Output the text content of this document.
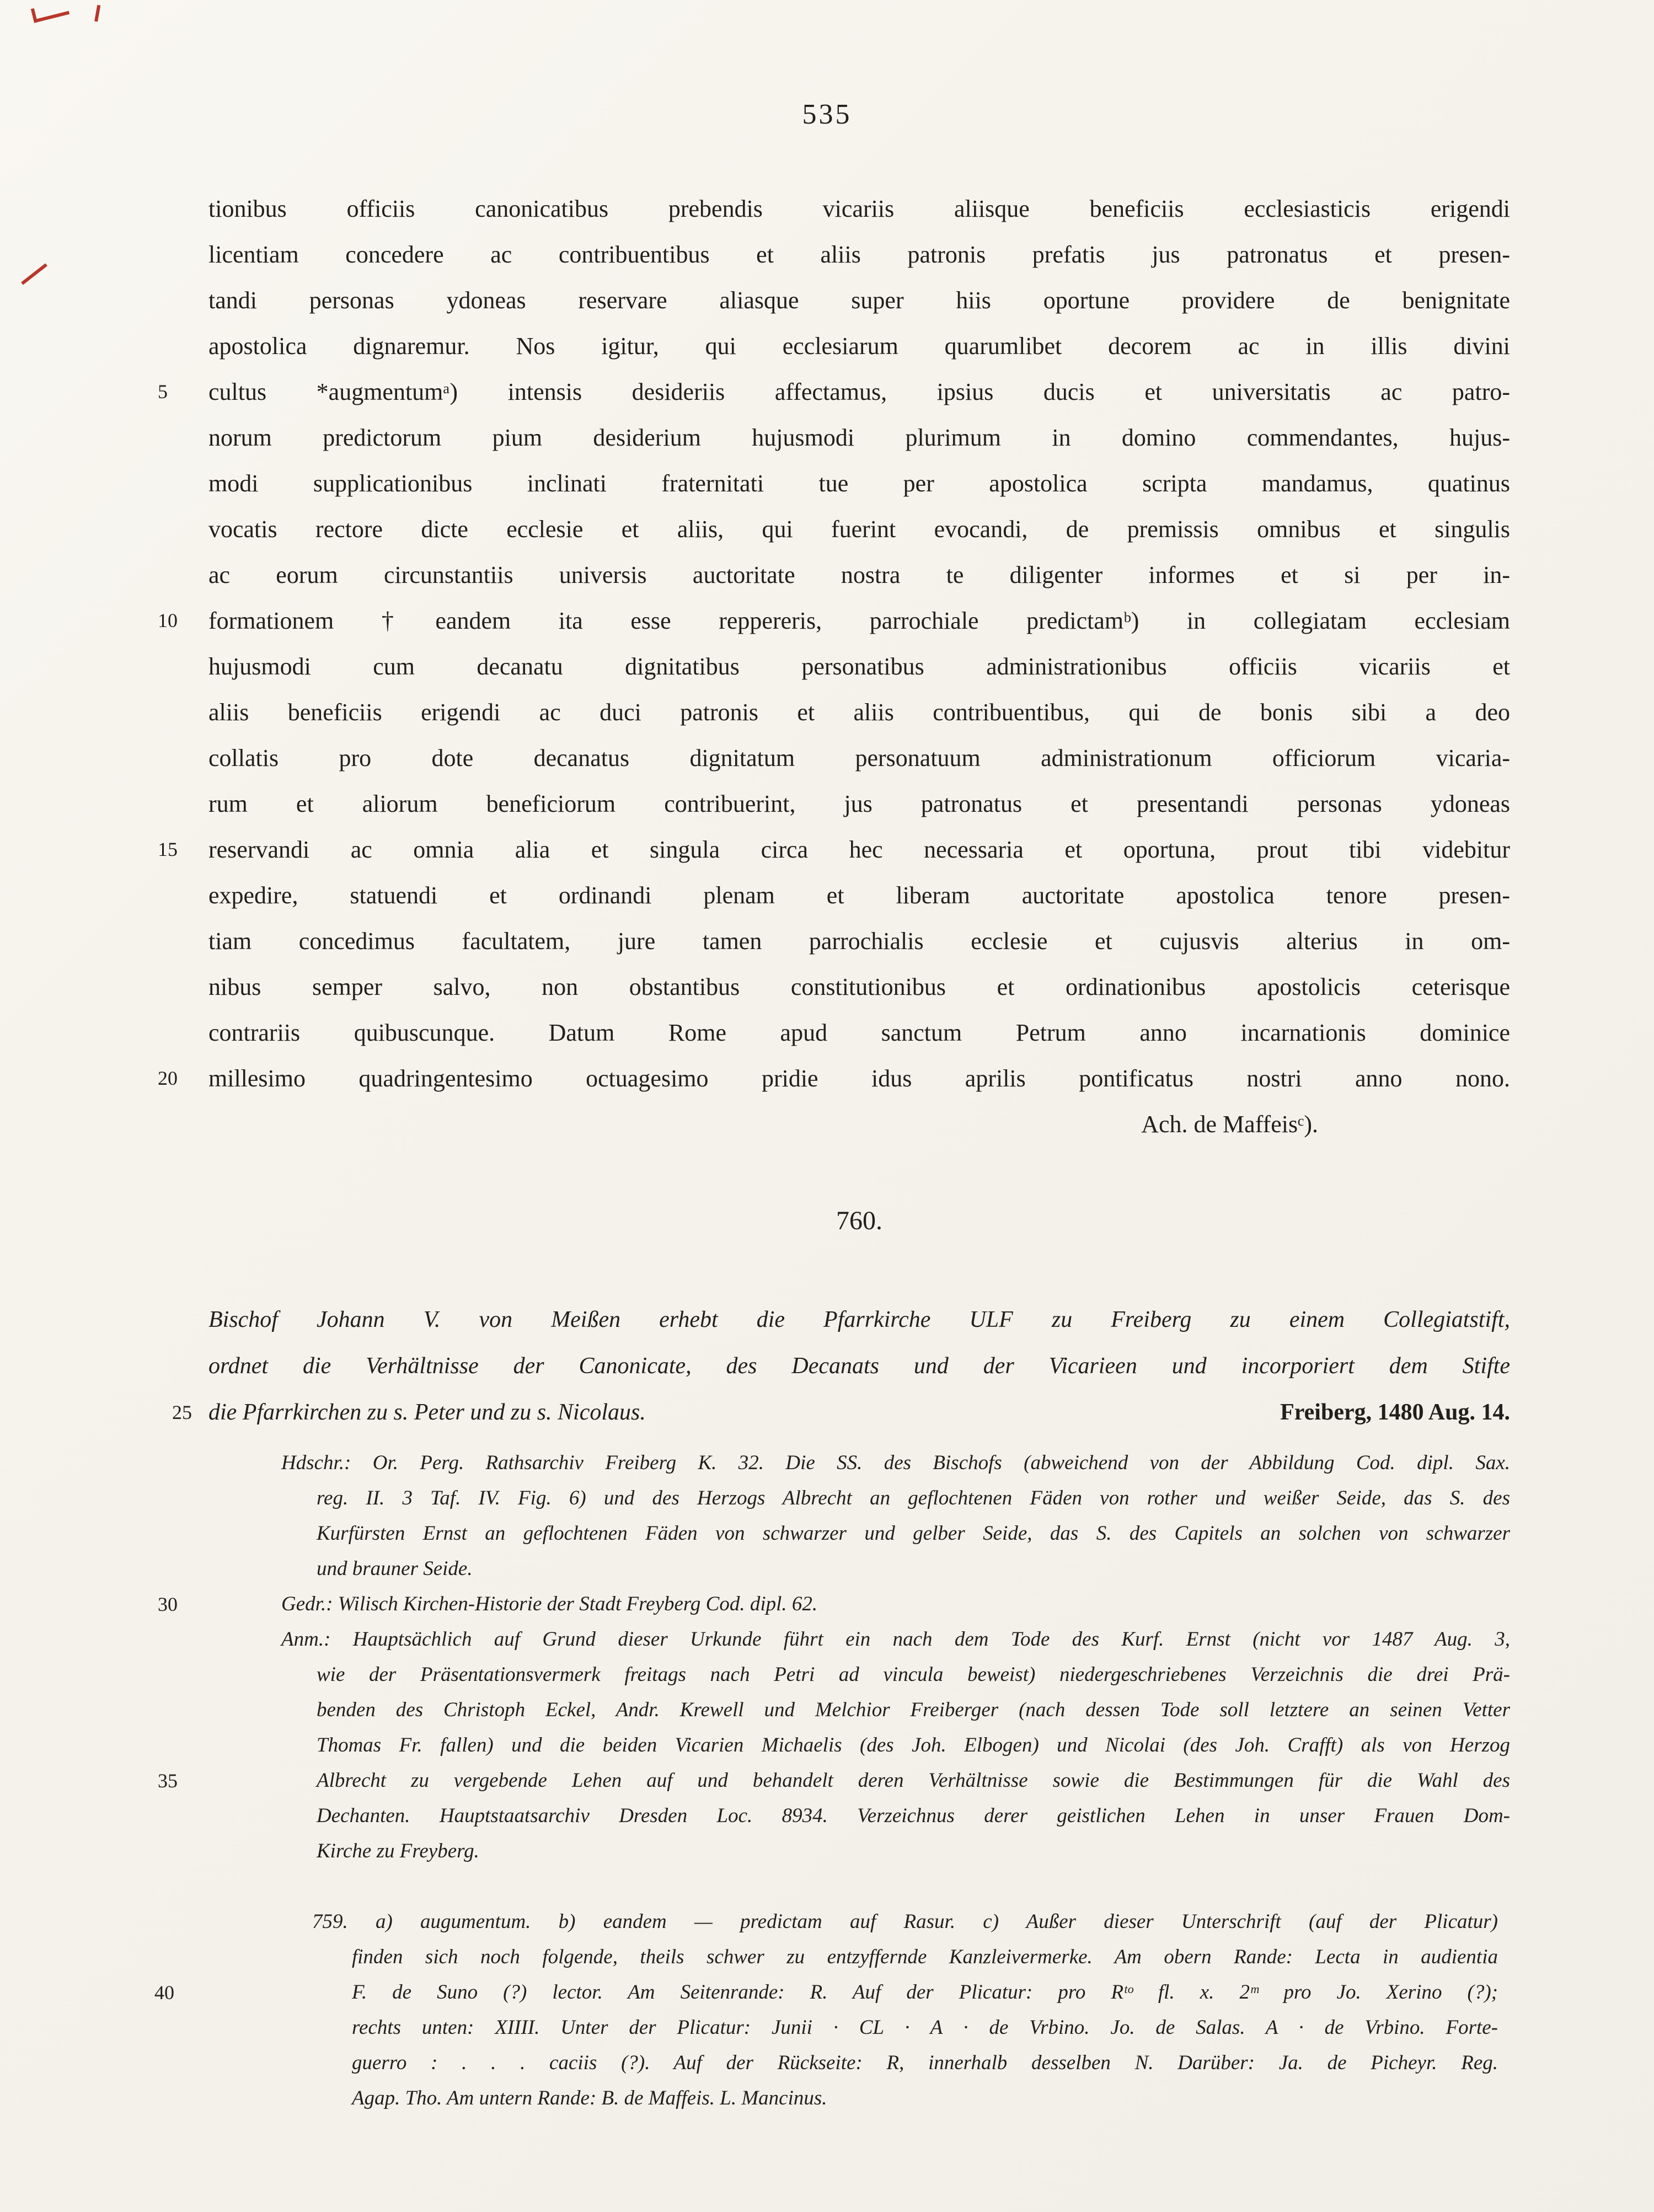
535
tionibus officiis canonicatibus prebendis vicariis aliisque beneficiis ecclesiasticis erigendi
licentiam concedere ac contribuentibus et aliis patronis prefatis jus patronatus et presen-
tandi personas ydoneas reservare aliasque super hiis oportune providere de benignitate
apostolica dignaremur. Nos igitur, qui ecclesiarum quarumlibet decorem ac in illis divini
5	cultus *augmentumᵃ) intensis desideriis affectamus, ipsius ducis et universitatis ac patro-
norum predictorum pium desiderium hujusmodi plurimum in domino commendantes, hujus-
modi supplicationibus inclinati fraternitati tue per apostolica scripta mandamus, quatinus
vocatis rectore dicte ecclesie et aliis, qui fuerint evocandi, de premissis omnibus et singulis
ac eorum circunstantiis universis auctoritate nostra te diligenter informes et si per in-
10	formationem †eandem ita esse reppereris, parrochiale predictamᵇ) in collegiatam ecclesiam
hujusmodi cum decanatu dignitatibus personatibus administrationibus officiis vicariis et
aliis beneficiis erigendi ac duci patronis et aliis contribuentibus, qui de bonis sibi a deo
collatis pro dote decanatus dignitatum personatuum administrationum officiorum vicaria-
rum et aliorum beneficiorum contribuerint, jus patronatus et presentandi personas ydoneas
15	reservandi ac omnia alia et singula circa hec necessaria et oportuna, prout tibi videbitur
expedire, statuendi et ordinandi plenam et liberam auctoritate apostolica tenore presen-
tiam concedimus facultatem, jure tamen parrochialis ecclesie et cujusvis alterius in om-
nibus semper salvo, non obstantibus constitutionibus et ordinationibus apostolicis ceterisque
contrariis quibuscunque. Datum Rome apud sanctum Petrum anno incarnationis dominice
20	millesimo quadringentesimo octuagesimo pridie idus aprilis pontificatus nostri anno nono.
Ach. de Maffeisᶜ).
760.
Bischof Johann V. von Meißen erhebt die Pfarrkirche ULF zu Freiberg zu einem Collegiatstift,
ordnet die Verhältnisse der Canonicate, des Decanats und der Vicarieen und incorporiert dem Stifte
25 die Pfarrkirchen zu s. Peter und zu s. Nicolaus.	Freiberg, 1480 Aug. 14.
Hdschr.: Or. Perg. Rathsarchiv Freiberg K. 32. Die SS. des Bischofs (abweichend von der Abbildung Cod. dipl. Sax.
reg. II. 3 Taf. IV. Fig. 6) und des Herzogs Albrecht an geflochtenen Fäden von rother und weißer Seide, das S. des
Kurfürsten Ernst an geflochtenen Fäden von schwarzer und gelber Seide, das S. des Capitels an solchen von schwarzer
und brauner Seide.
30	Gedr.: Wilisch Kirchen-Historie der Stadt Freyberg Cod. dipl. 62.
Anm.: Hauptsächlich auf Grund dieser Urkunde führt ein nach dem Tode des Kurf. Ernst (nicht vor 1487 Aug. 3,
wie der Präsentationsvermerk freitags nach Petri ad vincula beweist) niedergeschriebenes Verzeichnis die drei Prä-
benden des Christoph Eckel, Andr. Krewell und Melchior Freiberger (nach dessen Tode soll letztere an seinen Vetter
Thomas Fr. fallen) und die beiden Vicarien Michaelis (des Joh. Elbogen) und Nicolai (des Joh. Crafft) als von Herzog
35	Albrecht zu vergebende Lehen auf und behandelt deren Verhältnisse sowie die Bestimmungen für die Wahl des
Dechanten. Hauptstaatsarchiv Dresden Loc. 8934. Verzeichnus derer geistlichen Lehen in unser Frauen Dom-
Kirche zu Freyberg.
759. a) augumentum. b) eandem — predictam auf Rasur. c) Außer dieser Unterschrift (auf der Plicatur)
finden sich noch folgende, theils schwer zu entzyffernde Kanzleivermerke. Am obern Rande: Lecta in audientia
40	F. de Suno (?) lector. Am Seitenrande: R. Auf der Plicatur: pro Rᵗᵒ fl. x. 2ᵐ pro Jo. Xerino (?);
rechts unten: XIIII. Unter der Plicatur: Junii · CL · A · de Vrbino. Jo. de Salas. A · de Vrbino. Forte-
guerro : . . . caciis (?). Auf der Rückseite: R, innerhalb desselben N. Darüber: Ja. de Picheyr. Reg.
Agap. Tho. Am untern Rande: B. de Maffeis. L. Mancinus.
